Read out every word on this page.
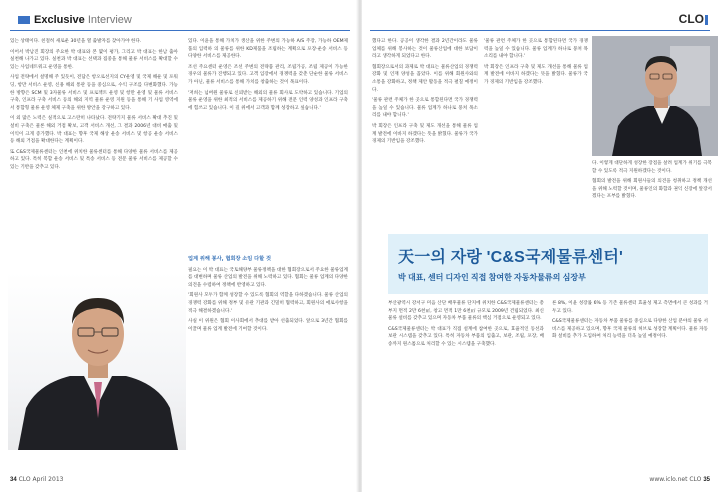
Exclusive Interview

있는 상태이다. 친절히 새로운 30년을 열 출발자를 찾아가야 한다.

이어서 박남진 회장의 주요한 박 대표와 본 몇이 평가, 그리고 박 대표는 한남 출아 실천해 나가고 있다. 실천과 박 대표는 선택과 집중을 통해 물류 서비스를 확대할 수 있는 사업네트워크 운영을 통한.

사업 전략에서 설명해 주 있듯이, 전담은 항오로선지의 CY운영 및 국제 해운 및 포워딩, 항만 서비스 운영, 신용 해외 통관 등을 중심으로, 수익 구조를 다변화했다. 가능한 방향은 SCM 및 3자물류 서비스 및 프로젝트 운영 및 항만 운영 및 물류 서비스 구축, 인프라 구축 서비스 등의 해외 지역 물류 운영 지원 등을 통해 기 사업 영역에서 통합형 물류 운영 체제 구축을 위한 방안을 강구하고 있다.

이 외 많은 노력은 실적으로 고스란히 나타났다. 전략기지 물류 서비스 확대 추진 및 설비 구축은 물론 해외 거점 확보, 고객 서비스 개선, 그 결과 2006년 대비 매출 및 이익이 크게 증가했다. 박 대표는 향후 국제 해상 운송 서비스 및 항공 운송 서비스 등 해외 거점을 확대한다는 계획이다.

또 C&S국제물류센터는 인천에 위치한 물류센터를 통해 다양한 물류 서비스를 제공하고 있다. 특히 복합 운송 서비스 및 특송 서비스 등 전문 물류 서비스를 제공할 수 있는 기반을 갖추고 있다.

있다. 이윤을 통해 가치가 생산을 위한 주변의 가능하 A/S 주장, 가능하 OEM제품의 입력하 의 물류를 위한 KD제품을 조립하는 계획으로 포장·운송 서비스 등 다양한 서비스를 제공한다.

조선 주요센터 운영은 조선 주변의 전략품 관리, 조립가공, 조립 제공이 가능한 경우의 물류가 진행되고 있다. 고객 입장에서 경쟁력을 갖춘 단순한 물류 서비스가 아닌, 물류 서비스를 통해 가치를 창출하는 것이 목표이다.

'저희는 넘버원 물류로 신뢰받는 해외의 물류 회사로 도약하고 있습니다. 기업의 물류 운영을 위한 최적의 서비스를 제공하기 위해 전문 인력 양성과 인프라 구축에 힘쓰고 있습니다. 이 길 위에서 고객과 함께 성장하고 싶습니다.'

업계 위해 봉사, 협회장 소임 다할 것

필요는 이 박 대표는 국토해양부 물류정책을 대한 협회장으로서 주요한 물류업계를 대변하며 물류 산업의 발전을 위해 노력하고 있다. 협회는 물류 업계의 다양한 의견을 수렴하여 정책에 반영하고 있다.

'회원사 모두가 함께 성장할 수 있도록 협회의 역할을 다하겠습니다. 물류 산업의 경쟁력 강화를 위해 정부 및 유관 기관과 긴밀히 협력하고, 회원사의 애로사항을 적극 해결하겠습니다.'

사실 이 위원은 협회 이사회에서 추대를 받아 선출되었다. 앞으로 3년간 협회를 이끌며 물류 업계 발전에 기여할 것이다.

34 CLO April 2013
CLO

했다고 한다. 공공이 생각한 결과 2년간이라도 물류업체를 위해 봉사하는 것이 물류산업에 대한 보답이라고 생각하게 되었다고 한다.

협회장으로서의 과제로 박 대표는 물류산업의 경쟁력 강화 및 인재 양성을 꼽았다. 이를 위해 회원사와의 소통을 강화하고, 정책 제안 활동을 적극 펼칠 예정이다.

'물류 관련 주체가 한 곳으로 통합된다면 국가 경쟁력을 높일 수 있습니다. 물류 업계가 하나로 뭉쳐 목소리를 내야 합니다.'

박 회장은 인프라 구축 및 제도 개선을 통해 물류 업계 발전에 이바지 하겠다는 뜻을 밝혔다. 물류가 국가 경제의 기반임을 강조했다.

다. 이렇게 대단하게 성장한 장점을 살려 업계가 위기를 극복할 수 있도록 적극 지원하겠다는 것이다.

협회의 발전을 위해 회원사들의 의견을 청취하고 정책 개선을 위해 노력할 것이며, 물류인의 화합과 권익 신장에 앞장서겠다는 포부를 밝혔다.

'물류 관련 주체가 한 곳으로 통합된다면 국가 경쟁력을 높일 수 있습니다. 물류 업계가 하나로 뭉쳐 목소리를 내야 합니다.'

박 회장은 인프라 구축 및 제도 개선을 통해 물류 업계 발전에 이바지 하겠다는 뜻을 밝혔다. 물류가 국가 경제의 기반임을 강조했다.

天一의 자랑 'C&S국제물류센터'
박 대표, 센터 디자인 직접 참여한 자동차물류의 심장부

부산광역시 강서구 미음 산단 배후물류 단지에 위치한 C&S국제물류센터는 총 부지 면적 2만 6천㎡, 창고 면적 1만 6천㎡ 규모로 2009년 건립되었다. 최신 물류 설비를 갖추고 있으며 자동차 부품 물류의 핵심 거점으로 운영되고 있다.

C&S국제물류센터는 박 대표가 직접 설계에 참여한 곳으로, 효율적인 동선과 보관 시스템을 갖추고 있다. 특히 자동차 부품의 입출고, 보관, 조립, 포장, 배송까지 원스톱으로 처리할 수 있는 시스템을 구축했다.

른 8%, 이윤 성장률 6% 등 기존 물류센터 효율성 제고 측면에서 큰 성과를 거두고 있다.

C&S국제물류센터는 자동차 부품 물류를 중심으로 다양한 산업 분야의 물류 서비스를 제공하고 있으며, 향후 국제 물류의 허브로 성장할 계획이다. 물류 자동화 설비를 추가 도입하여 처리 능력을 더욱 높일 예정이다.

www.iclo.net CLO 35
